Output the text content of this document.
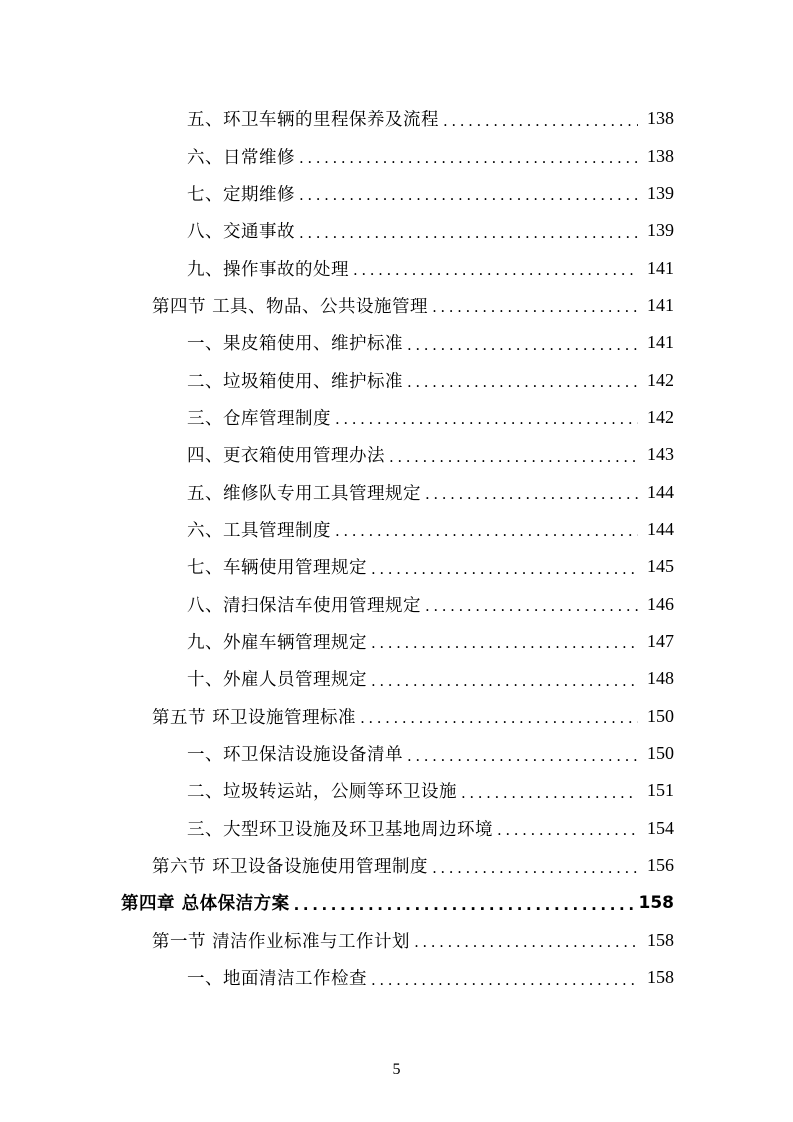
五、环卫车辆的里程保养及流程 .....	138
六、日常维修 .....	138
七、定期维修 .....	139
八、交通事故 .....	139
九、操作事故的处理 .....	141
第四节 工具、物品、公共设施管理 .....	141
一、果皮箱使用、维护标准 .....	141
二、垃圾箱使用、维护标准 .....	142
三、仓库管理制度 .....	142
四、更衣箱使用管理办法 .....	143
五、维修队专用工具管理规定 .....	144
六、工具管理制度 .....	144
七、车辆使用管理规定 .....	145
八、清扫保洁车使用管理规定 .....	146
九、外雇车辆管理规定 .....	147
十、外雇人员管理规定 .....	148
第五节 环卫设施管理标准 .....	150
一、环卫保洁设施设备清单 .....	150
二、垃圾转运站，公厕等环卫设施 .....	151
三、大型环卫设施及环卫基地周边环境 .....	154
第六节 环卫设备设施使用管理制度 .....	156
第四章 总体保洁方案 .....	158
第一节 清洁作业标准与工作计划 .....	158
一、地面清洁工作检查 .....	158
5
